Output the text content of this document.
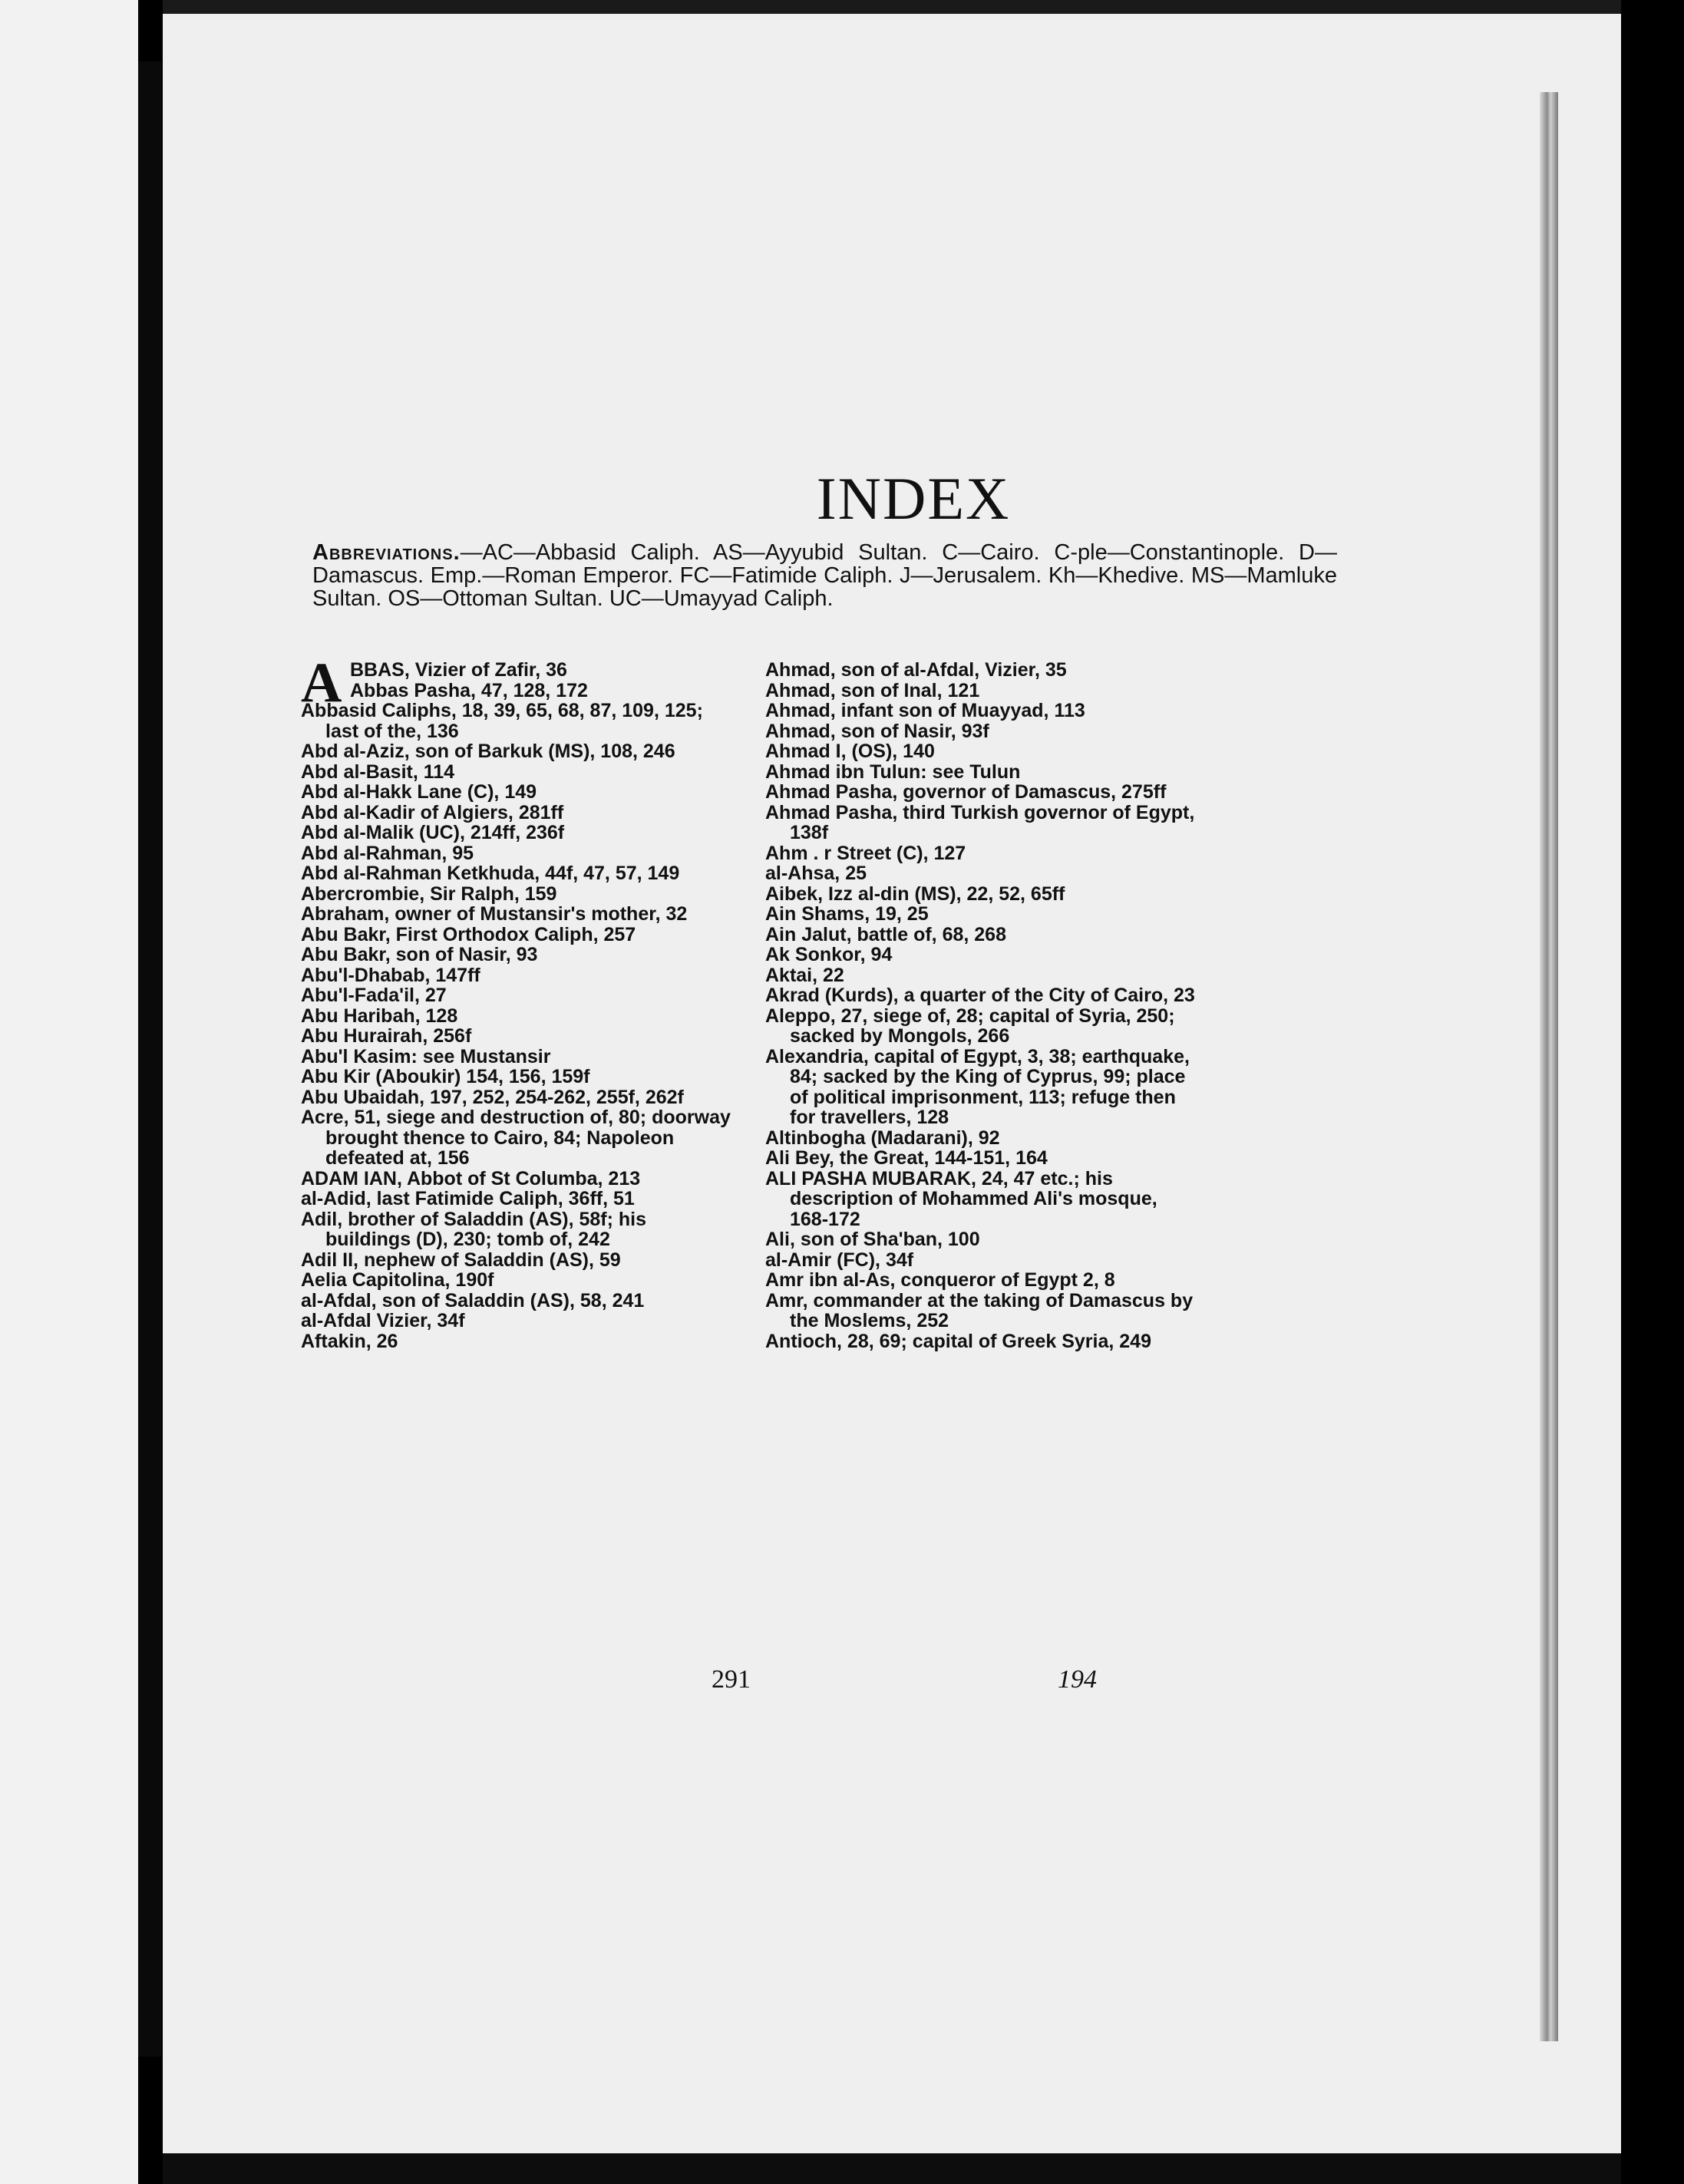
INDEX
Abbreviations.—AC—Abbasid Caliph. AS—Ayyubid Sultan. C—Cairo. C-ple—Constantinople. D—Damascus. Emp.—Roman Emperor. FC—Fatimide Caliph. J—Jerusalem. Kh—Khedive. MS—Mamluke Sultan. OS—Ottoman Sultan. UC—Umayyad Caliph.
A BBAS, Vizier of Zafir, 36

Abbas Pasha, 47, 128, 172

Abbasid Caliphs, 18, 39, 65, 68, 87, 109, 125; last of the, 136

Abd al-Aziz, son of Barkuk (MS), 108, 246

Abd al-Basit, 114

Abd al-Hakk Lane (C), 149

Abd al-Kadir of Algiers, 281ff

Abd al-Malik (UC), 214ff, 236f

Abd al-Rahman, 95

Abd al-Rahman Ketkhuda, 44f, 47, 57, 149

Abercrombie, Sir Ralph, 159

Abraham, owner of Mustansir's mother, 32

Abu Bakr, First Orthodox Caliph, 257

Abu Bakr, son of Nasir, 93

Abu'l-Dhabab, 147ff

Abu'l-Fada'il, 27

Abu Haribah, 128

Abu Hurairah, 256f

Abu'l Kasim: see Mustansir

Abu Kir (Aboukir) 154, 156, 159f

Abu Ubaidah, 197, 252, 254-262, 255f, 262f

Acre, 51, siege and destruction of, 80; doorway brought thence to Cairo, 84; Napoleon defeated at, 156

ADAM IAN, Abbot of St Columba, 213

al-Adid, last Fatimide Caliph, 36ff, 51

Adil, brother of Saladdin (AS), 58f; his buildings (D), 230; tomb of, 242

Adil II, nephew of Saladdin (AS), 59

Aelia Capitolina, 190f

al-Afdal, son of Saladdin (AS), 58, 241

al-Afdal Vizier, 34f

Aftakin, 26

Ahmad, son of al-Afdal, Vizier, 35

Ahmad, son of Inal, 121

Ahmad, infant son of Muayyad, 113

Ahmad, son of Nasir, 93f

Ahmad I, (OS), 140

Ahmad ibn Tulun: see Tulun

Ahmad Pasha, governor of Damascus, 275ff

Ahmad Pasha, third Turkish governor of Egypt, 138f

Ahm . r Street (C), 127

al-Ahsa, 25

Aibek, Izz al-din (MS), 22, 52, 65ff

Ain Shams, 19, 25

Ain Jalut, battle of, 68, 268

Ak Sonkor, 94

Aktai, 22

Akrad (Kurds), a quarter of the City of Cairo, 23

Aleppo, 27, siege of, 28; capital of Syria, 250; sacked by Mongols, 266

Alexandria, capital of Egypt, 3, 38; earthquake, 84; sacked by the King of Cyprus, 99; place of political imprisonment, 113; refuge then for travellers, 128

Altinbogha (Madarani), 92

Ali Bey, the Great, 144-151, 164

ALI PASHA MUBARAK, 24, 47 etc.; his description of Mohammed Ali's mosque, 168-172

Ali, son of Sha'ban, 100

al-Amir (FC), 34f

Amr ibn al-As, conqueror of Egypt 2, 8

Amr, commander at the taking of Damascus by the Moslems, 252

Antioch, 28, 69; capital of Greek Syria, 249

291	194
